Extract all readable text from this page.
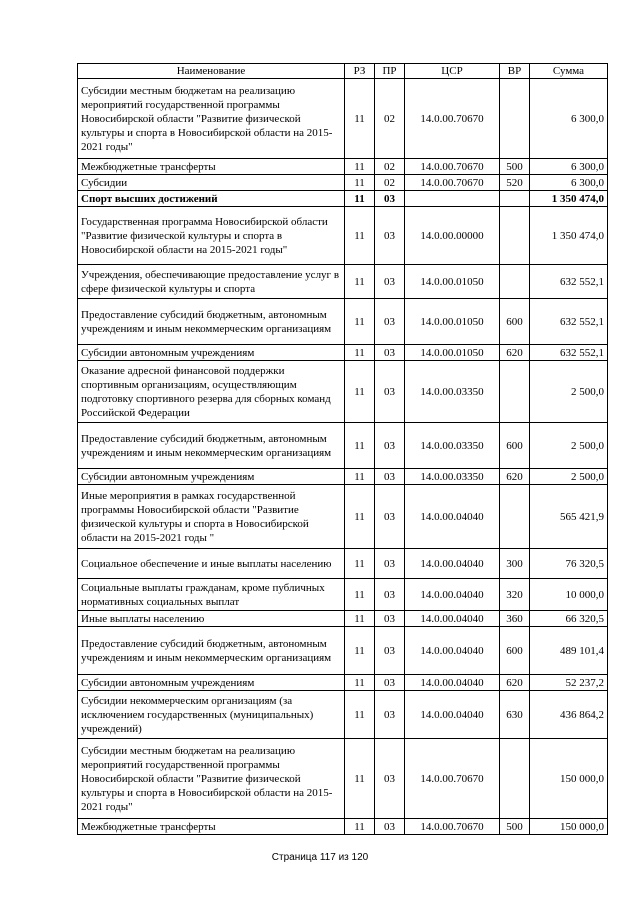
Наименование	РЗ	ПР	ЦСР	ВР	Сумма
Субсидии местным бюджетам на реализацию мероприятий государственной программы Новосибирской области "Развитие физической культуры и спорта в Новосибирской области на 2015-2021 годы"	11	02	14.0.00.70670		6 300,0
Межбюджетные трансферты	11	02	14.0.00.70670	500	6 300,0
Субсидии	11	02	14.0.00.70670	520	6 300,0
Спорт высших достижений	11	03			1 350 474,0
Государственная программа Новосибирской области "Развитие физической культуры и спорта в Новосибирской области на 2015-2021 годы"	11	03	14.0.00.00000		1 350 474,0
Учреждения, обеспечивающие предоставление услуг в сфере физической культуры и спорта	11	03	14.0.00.01050		632 552,1
Предоставление субсидий бюджетным, автономным учреждениям и иным некоммерческим организациям	11	03	14.0.00.01050	600	632 552,1
Субсидии автономным учреждениям	11	03	14.0.00.01050	620	632 552,1
Оказание адресной финансовой поддержки спортивным организациям, осуществляющим подготовку спортивного резерва для сборных команд Российской Федерации	11	03	14.0.00.03350		2 500,0
Предоставление субсидий бюджетным, автономным учреждениям и иным некоммерческим организациям	11	03	14.0.00.03350	600	2 500,0
Субсидии автономным учреждениям	11	03	14.0.00.03350	620	2 500,0
Иные мероприятия в рамках государственной программы Новосибирской области "Развитие физической культуры и спорта в Новосибирской области на 2015-2021 годы "	11	03	14.0.00.04040		565 421,9
Социальное обеспечение и иные выплаты населению	11	03	14.0.00.04040	300	76 320,5
Социальные выплаты гражданам, кроме публичных нормативных социальных выплат	11	03	14.0.00.04040	320	10 000,0
Иные выплаты населению	11	03	14.0.00.04040	360	66 320,5
Предоставление субсидий бюджетным, автономным учреждениям и иным некоммерческим организациям	11	03	14.0.00.04040	600	489 101,4
Субсидии автономным учреждениям	11	03	14.0.00.04040	620	52 237,2
Субсидии некоммерческим организациям (за исключением государственных (муниципальных) учреждений)	11	03	14.0.00.04040	630	436 864,2
Субсидии местным бюджетам на реализацию мероприятий государственной программы Новосибирской области "Развитие физической культуры и спорта в Новосибирской области на 2015-2021 годы"	11	03	14.0.00.70670		150 000,0
Межбюджетные трансферты	11	03	14.0.00.70670	500	150 000,0
Страница 117 из 120
